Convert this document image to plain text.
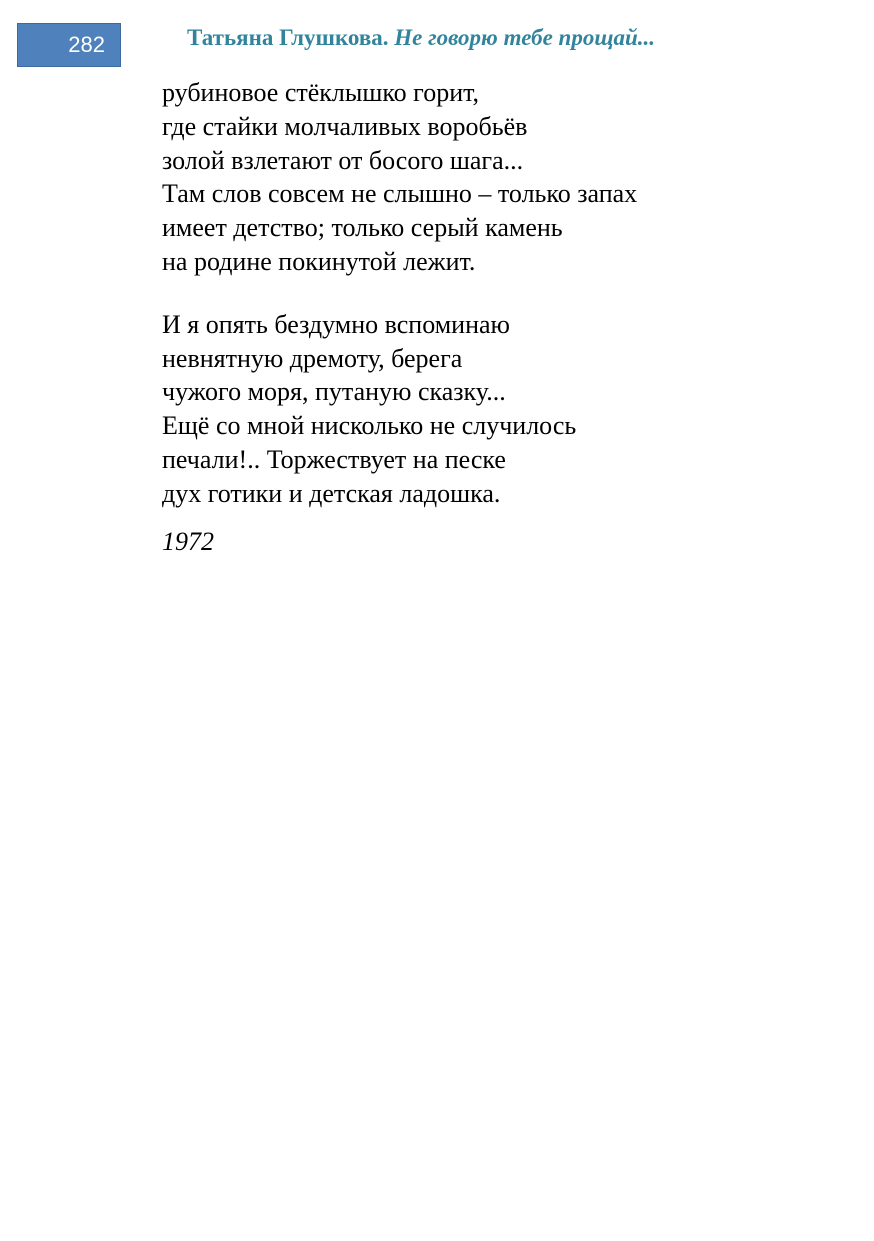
282	Татьяна Глушкова. Не говорю тебе прощай...

рубиновое стёклышко горит,
где стайки молчаливых воробьёв
золой взлетают от босого шага...
Там слов совсем не слышно – только запах
имеет детство; только серый камень
на родине покинутой лежит.

И я опять бездумно вспоминаю
невнятную дремоту, берега
чужого моря, путаную сказку...
Ещё со мной нисколько не случилось
печали!.. Торжествует на песке
дух готики и детская ладошка.

1972
